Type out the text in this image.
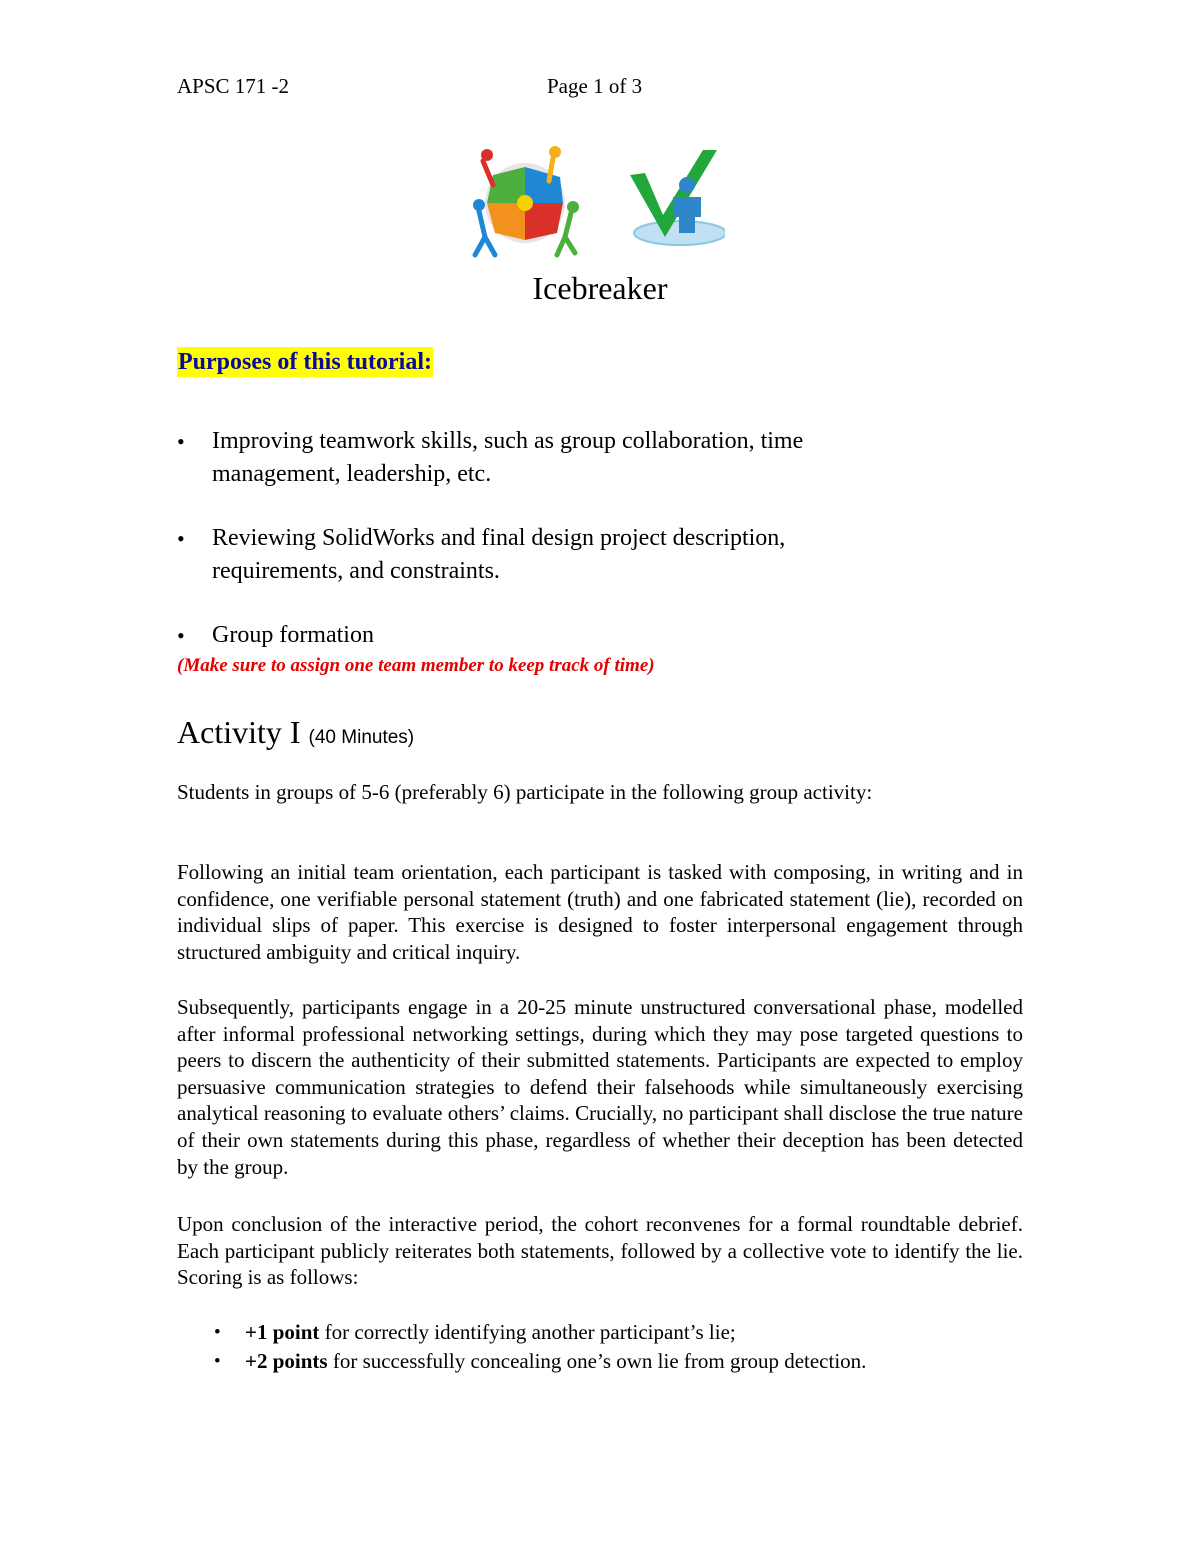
APSC 171 -2	Page 1 of 3
Icebreaker
Purposes of this tutorial:
• Improving teamwork skills, such as group collaboration, time
management, leadership, etc.
• Reviewing SolidWorks and final design project description,
requirements, and constraints.
• Group formation
(Make sure to assign one team member to keep track of time)
Activity I (40 Minutes)
Students in groups of 5-6 (preferably 6) participate in the following group activity:

Following an initial team orientation, each participant is tasked with composing, in writing and in confidence, one verifiable personal statement (truth) and one fabricated statement (lie), recorded on individual slips of paper. This exercise is designed to foster interpersonal engagement through structured ambiguity and critical inquiry.

Subsequently, participants engage in a 20-25 minute unstructured conversational phase, modelled after informal professional networking settings, during which they may pose targeted questions to peers to discern the authenticity of their submitted statements. Participants are expected to employ persuasive communication strategies to defend their falsehoods while simultaneously exercising analytical reasoning to evaluate others’ claims. Crucially, no participant shall disclose the true nature of their own statements during this phase, regardless of whether their deception has been detected by the group.

Upon conclusion of the interactive period, the cohort reconvenes for a formal roundtable debrief. Each participant publicly reiterates both statements, followed by a collective vote to identify the lie. Scoring is as follows:

• +1 point for correctly identifying another participant’s lie;
• +2 points for successfully concealing one’s own lie from group detection.
